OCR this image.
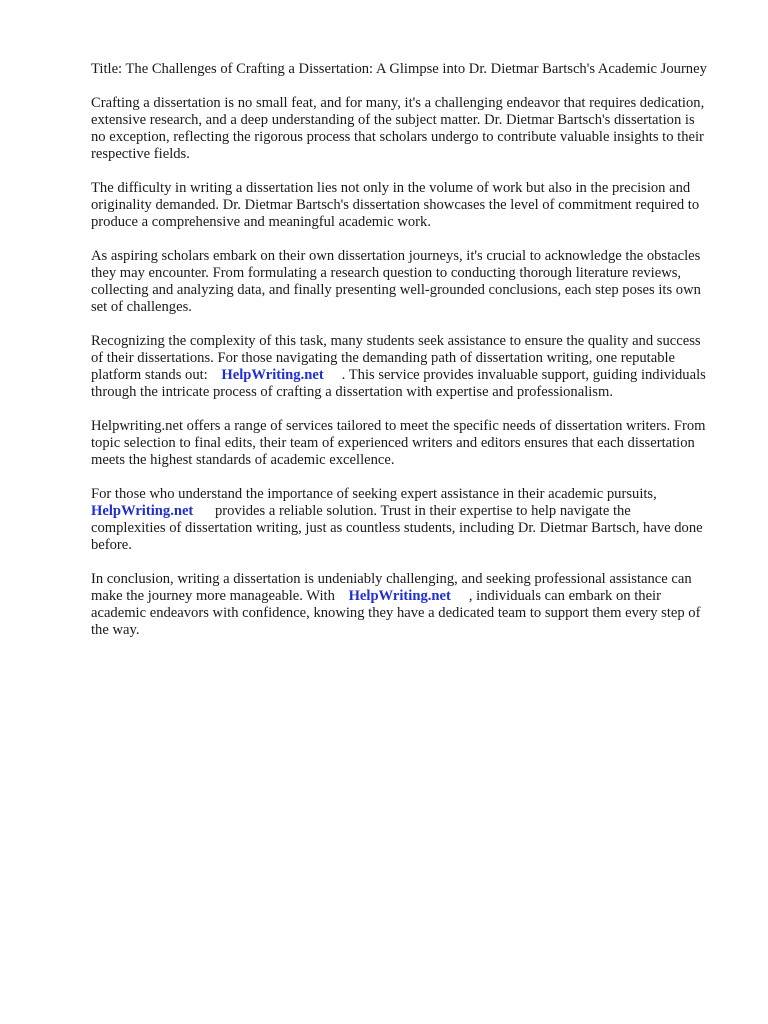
Title: The Challenges of Crafting a Dissertation: A Glimpse into Dr. Dietmar Bartsch's Academic Journey

Crafting a dissertation is no small feat, and for many, it's a challenging endeavor that requires dedication, extensive research, and a deep understanding of the subject matter. Dr. Dietmar Bartsch's dissertation is no exception, reflecting the rigorous process that scholars undergo to contribute valuable insights to their respective fields.

The difficulty in writing a dissertation lies not only in the volume of work but also in the precision and originality demanded. Dr. Dietmar Bartsch's dissertation showcases the level of commitment required to produce a comprehensive and meaningful academic work.

As aspiring scholars embark on their own dissertation journeys, it's crucial to acknowledge the obstacles they may encounter. From formulating a research question to conducting thorough literature reviews, collecting and analyzing data, and finally presenting well-grounded conclusions, each step poses its own set of challenges.

Recognizing the complexity of this task, many students seek assistance to ensure the quality and success of their dissertations. For those navigating the demanding path of dissertation writing, one reputable platform stands out: HelpWriting.net . This service provides invaluable support, guiding individuals through the intricate process of crafting a dissertation with expertise and professionalism.

Helpwriting.net offers a range of services tailored to meet the specific needs of dissertation writers. From topic selection to final edits, their team of experienced writers and editors ensures that each dissertation meets the highest standards of academic excellence.

For those who understand the importance of seeking expert assistance in their academic pursuits, HelpWriting.net provides a reliable solution. Trust in their expertise to help navigate the complexities of dissertation writing, just as countless students, including Dr. Dietmar Bartsch, have done before.

In conclusion, writing a dissertation is undeniably challenging, and seeking professional assistance can make the journey more manageable. With HelpWriting.net , individuals can embark on their academic endeavors with confidence, knowing they have a dedicated team to support them every step of the way.
